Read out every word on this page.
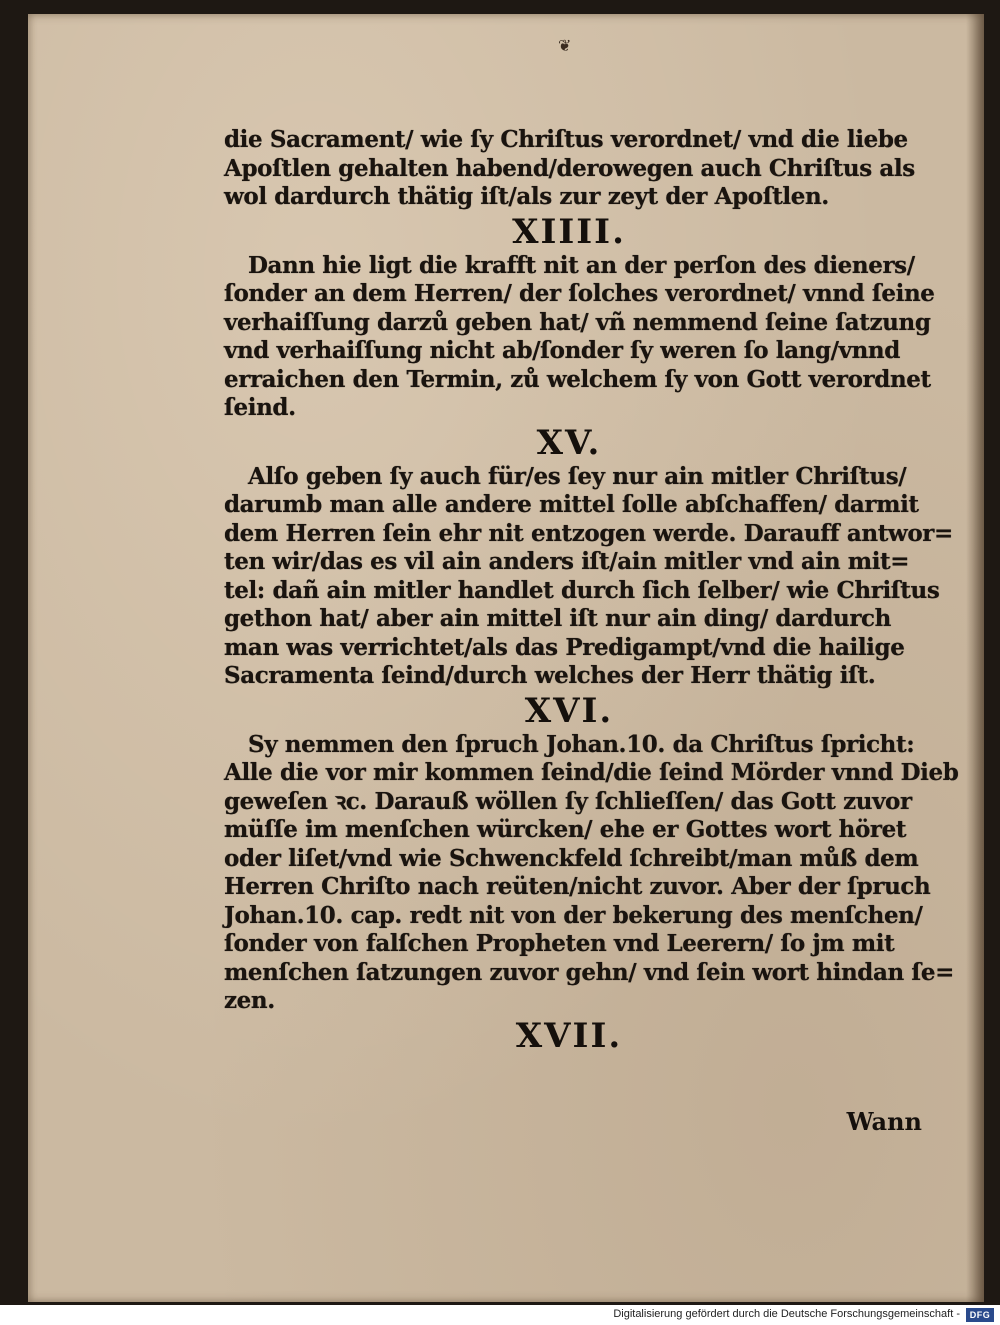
❦
die Sacrament/ wie ſy Chriſtus verordnet/ vnd die liebe
Apoſtlen gehalten habend/derowegen auch Chriſtus als
wol dardurch thätig iſt/als zur zeyt der Apoſtlen.
XIIII.
Dann hie ligt die krafft nit an der perſon des dieners/
ſonder an dem Herren/ der ſolches verordnet/ vnnd ſeine
verhaiſſung darzů geben hat/ vñ nemmend ſeine ſatzung
vnd verhaiſſung nicht ab/ſonder ſy weren ſo lang/vnnd
erraichen den Termin, zů welchem ſy von Gott verordnet
ſeind.
XV.
Alſo geben ſy auch für/es ſey nur ain mitler Chriſtus/
darumb man alle andere mittel ſolle abſchaffen/ darmit
dem Herren ſein ehr nit entzogen werde. Darauff antwor=
ten wir/das es vil ain anders iſt/ain mitler vnd ain mit=
tel: dañ ain mitler handlet durch ſich ſelber/ wie Chriſtus
gethon hat/ aber ain mittel iſt nur ain ding/ dardurch
man was verrichtet/als das Predigampt/vnd die hailige
Sacramenta ſeind/durch welches der Herr thätig iſt.
XVI.
Sy nemmen den ſpruch Johan.10. da Chriſtus ſpricht:
Alle die vor mir kommen ſeind/die ſeind Mörder vnnd Dieb
geweſen ꝛc. Darauß wöllen ſy ſchlieſſen/ das Gott zuvor
müſſe im menſchen würcken/ ehe er Gottes wort höret
oder liſet/vnd wie Schwenckfeld ſchreibt/man můß dem
Herren Chriſto nach reüten/nicht zuvor. Aber der ſpruch
Johan.10. cap. redt nit von der bekerung des menſchen/
ſonder von falſchen Propheten vnd Leerern/ ſo jm mit
menſchen ſatzungen zuvor gehn/ vnd ſein wort hindan ſe=
zen.
XVII.
Wann
Digitalisierung gefördert durch die Deutsche Forschungsgemeinschaft -	DFG
